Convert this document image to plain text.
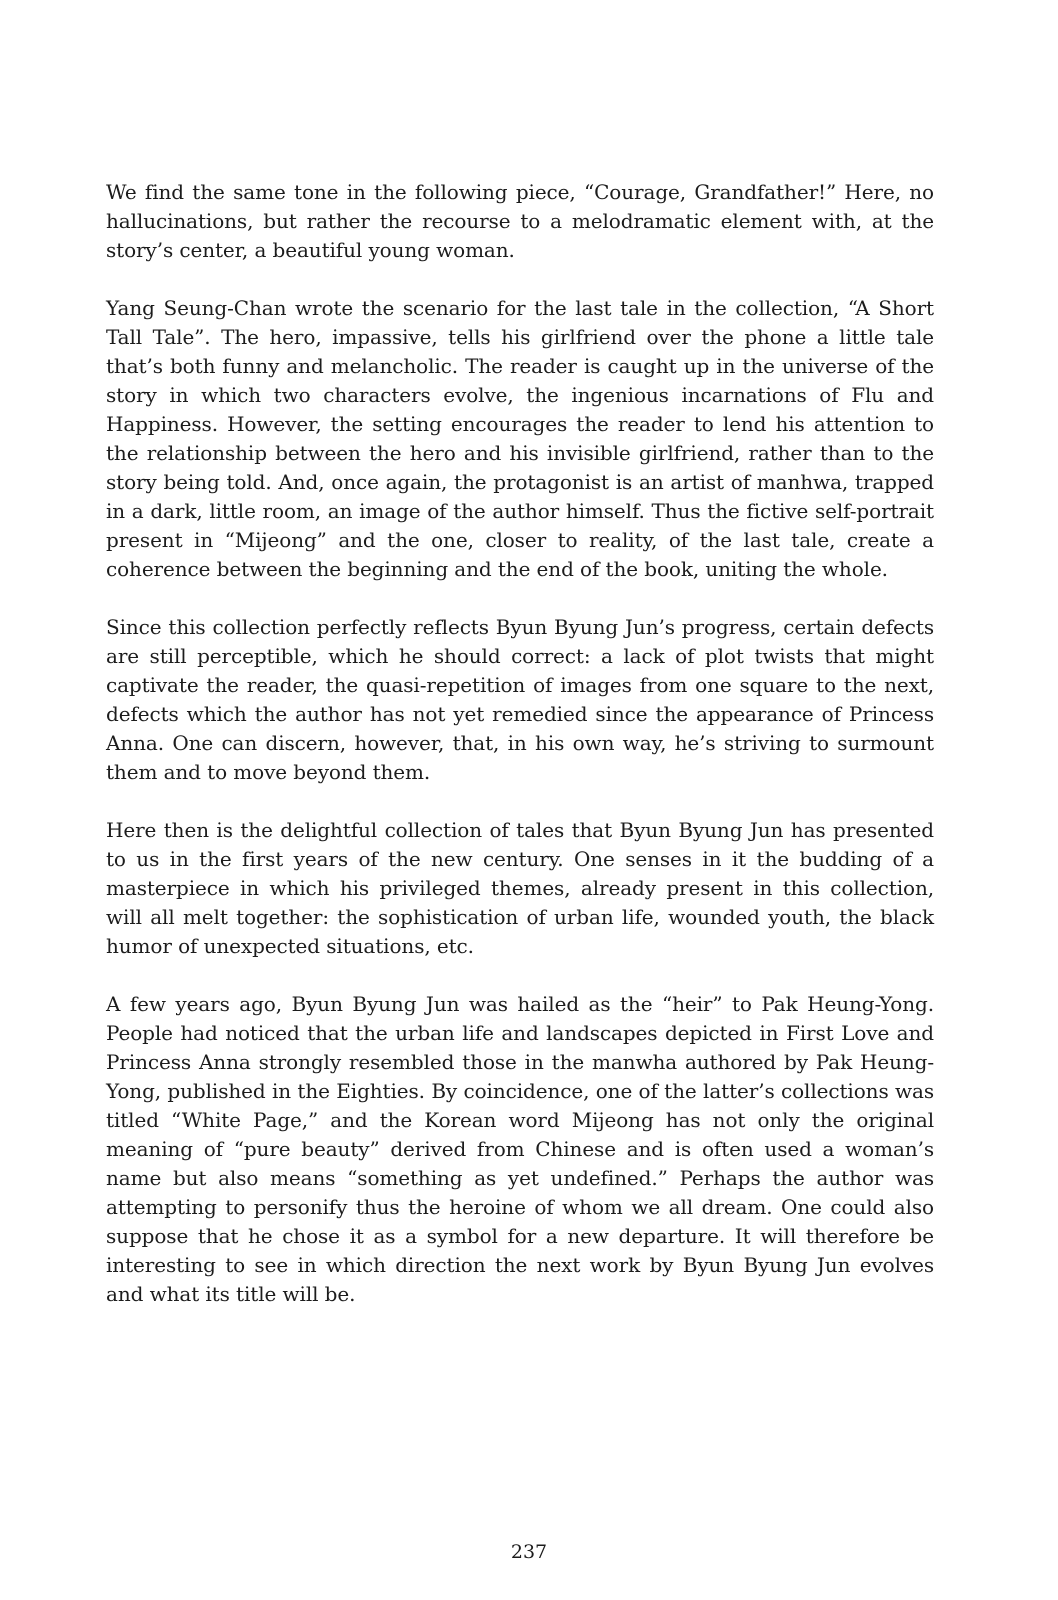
We find the same tone in the following piece, “Courage, Grandfather!” Here, no hallucinations, but rather the recourse to a melodramatic element with, at the story’s center, a beautiful young woman.

Yang Seung-Chan wrote the scenario for the last tale in the collection, “A Short Tall Tale”. The hero, impassive, tells his girlfriend over the phone a little tale that’s both funny and melancholic. The reader is caught up in the universe of the story in which two characters evolve, the ingenious incarnations of Flu and Happiness. However, the setting encourages the reader to lend his attention to the relationship between the hero and his invisible girlfriend, rather than to the story being told. And, once again, the protagonist is an artist of manhwa, trapped in a dark, little room, an image of the author himself. Thus the fictive self-portrait present in “Mijeong” and the one, closer to reality, of the last tale, create a coherence between the beginning and the end of the book, uniting the whole.

Since this collection perfectly reflects Byun Byung Jun’s progress, certain defects are still perceptible, which he should correct: a lack of plot twists that might captivate the reader, the quasi-repetition of images from one square to the next, defects which the author has not yet remedied since the appearance of Princess Anna. One can discern, however, that, in his own way, he’s striving to surmount them and to move beyond them.

Here then is the delightful collection of tales that Byun Byung Jun has presented to us in the first years of the new century. One senses in it the budding of a masterpiece in which his privileged themes, already present in this collection, will all melt together: the sophistication of urban life, wounded youth, the black humor of unexpected situations, etc.

A few years ago, Byun Byung Jun was hailed as the “heir” to Pak Heung-Yong. People had noticed that the urban life and landscapes depicted in First Love and Princess Anna strongly resembled those in the manwha authored by Pak Heung-Yong, published in the Eighties. By coincidence, one of the latter’s collections was titled “White Page,” and the Korean word Mijeong has not only the original meaning of “pure beauty” derived from Chinese and is often used a woman’s name but also means “something as yet undefined.” Perhaps the author was attempting to personify thus the heroine of whom we all dream. One could also suppose that he chose it as a symbol for a new departure. It will therefore be interesting to see in which direction the next work by Byun Byung Jun evolves and what its title will be.

237
